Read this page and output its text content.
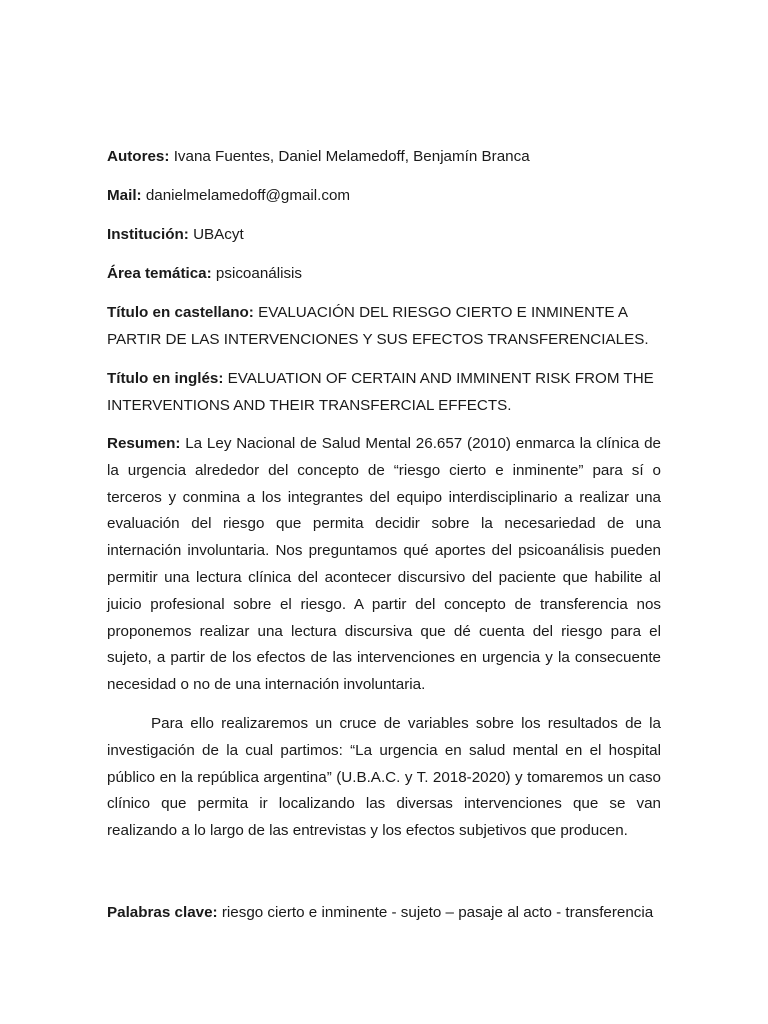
Autores: Ivana Fuentes, Daniel Melamedoff, Benjamín Branca

Mail: danielmelamedoff@gmail.com

Institución: UBAcyt

Área temática: psicoanálisis

Título en castellano: EVALUACIÓN DEL RIESGO CIERTO E INMINENTE A PARTIR DE LAS INTERVENCIONES Y SUS EFECTOS TRANSFERENCIALES.

Título en inglés: EVALUATION OF CERTAIN AND IMMINENT RISK FROM THE INTERVENTIONS AND THEIR TRANSFERCIAL EFFECTS.

Resumen: La Ley Nacional de Salud Mental 26.657 (2010) enmarca la clínica de la urgencia alrededor del concepto de “riesgo cierto e inminente” para sí o terceros y conmina a los integrantes del equipo interdisciplinario a realizar una evaluación del riesgo que permita decidir sobre la necesariedad de una internación involuntaria. Nos preguntamos qué aportes del psicoanálisis pueden permitir una lectura clínica del acontecer discursivo del paciente que habilite al juicio profesional sobre el riesgo. A partir del concepto de transferencia nos proponemos realizar una lectura discursiva que dé cuenta del riesgo para el sujeto, a partir de los efectos de las intervenciones en urgencia y la consecuente necesidad o no de una internación involuntaria.

Para ello realizaremos un cruce de variables sobre los resultados de la investigación de la cual partimos: “La urgencia en salud mental en el hospital público en la república argentina” (U.B.A.C. y T. 2018-2020) y tomaremos un caso clínico que permita ir localizando las diversas intervenciones que se van realizando a lo largo de las entrevistas y los efectos subjetivos que producen.

Palabras clave: riesgo cierto e inminente - sujeto – pasaje al acto - transferencia
